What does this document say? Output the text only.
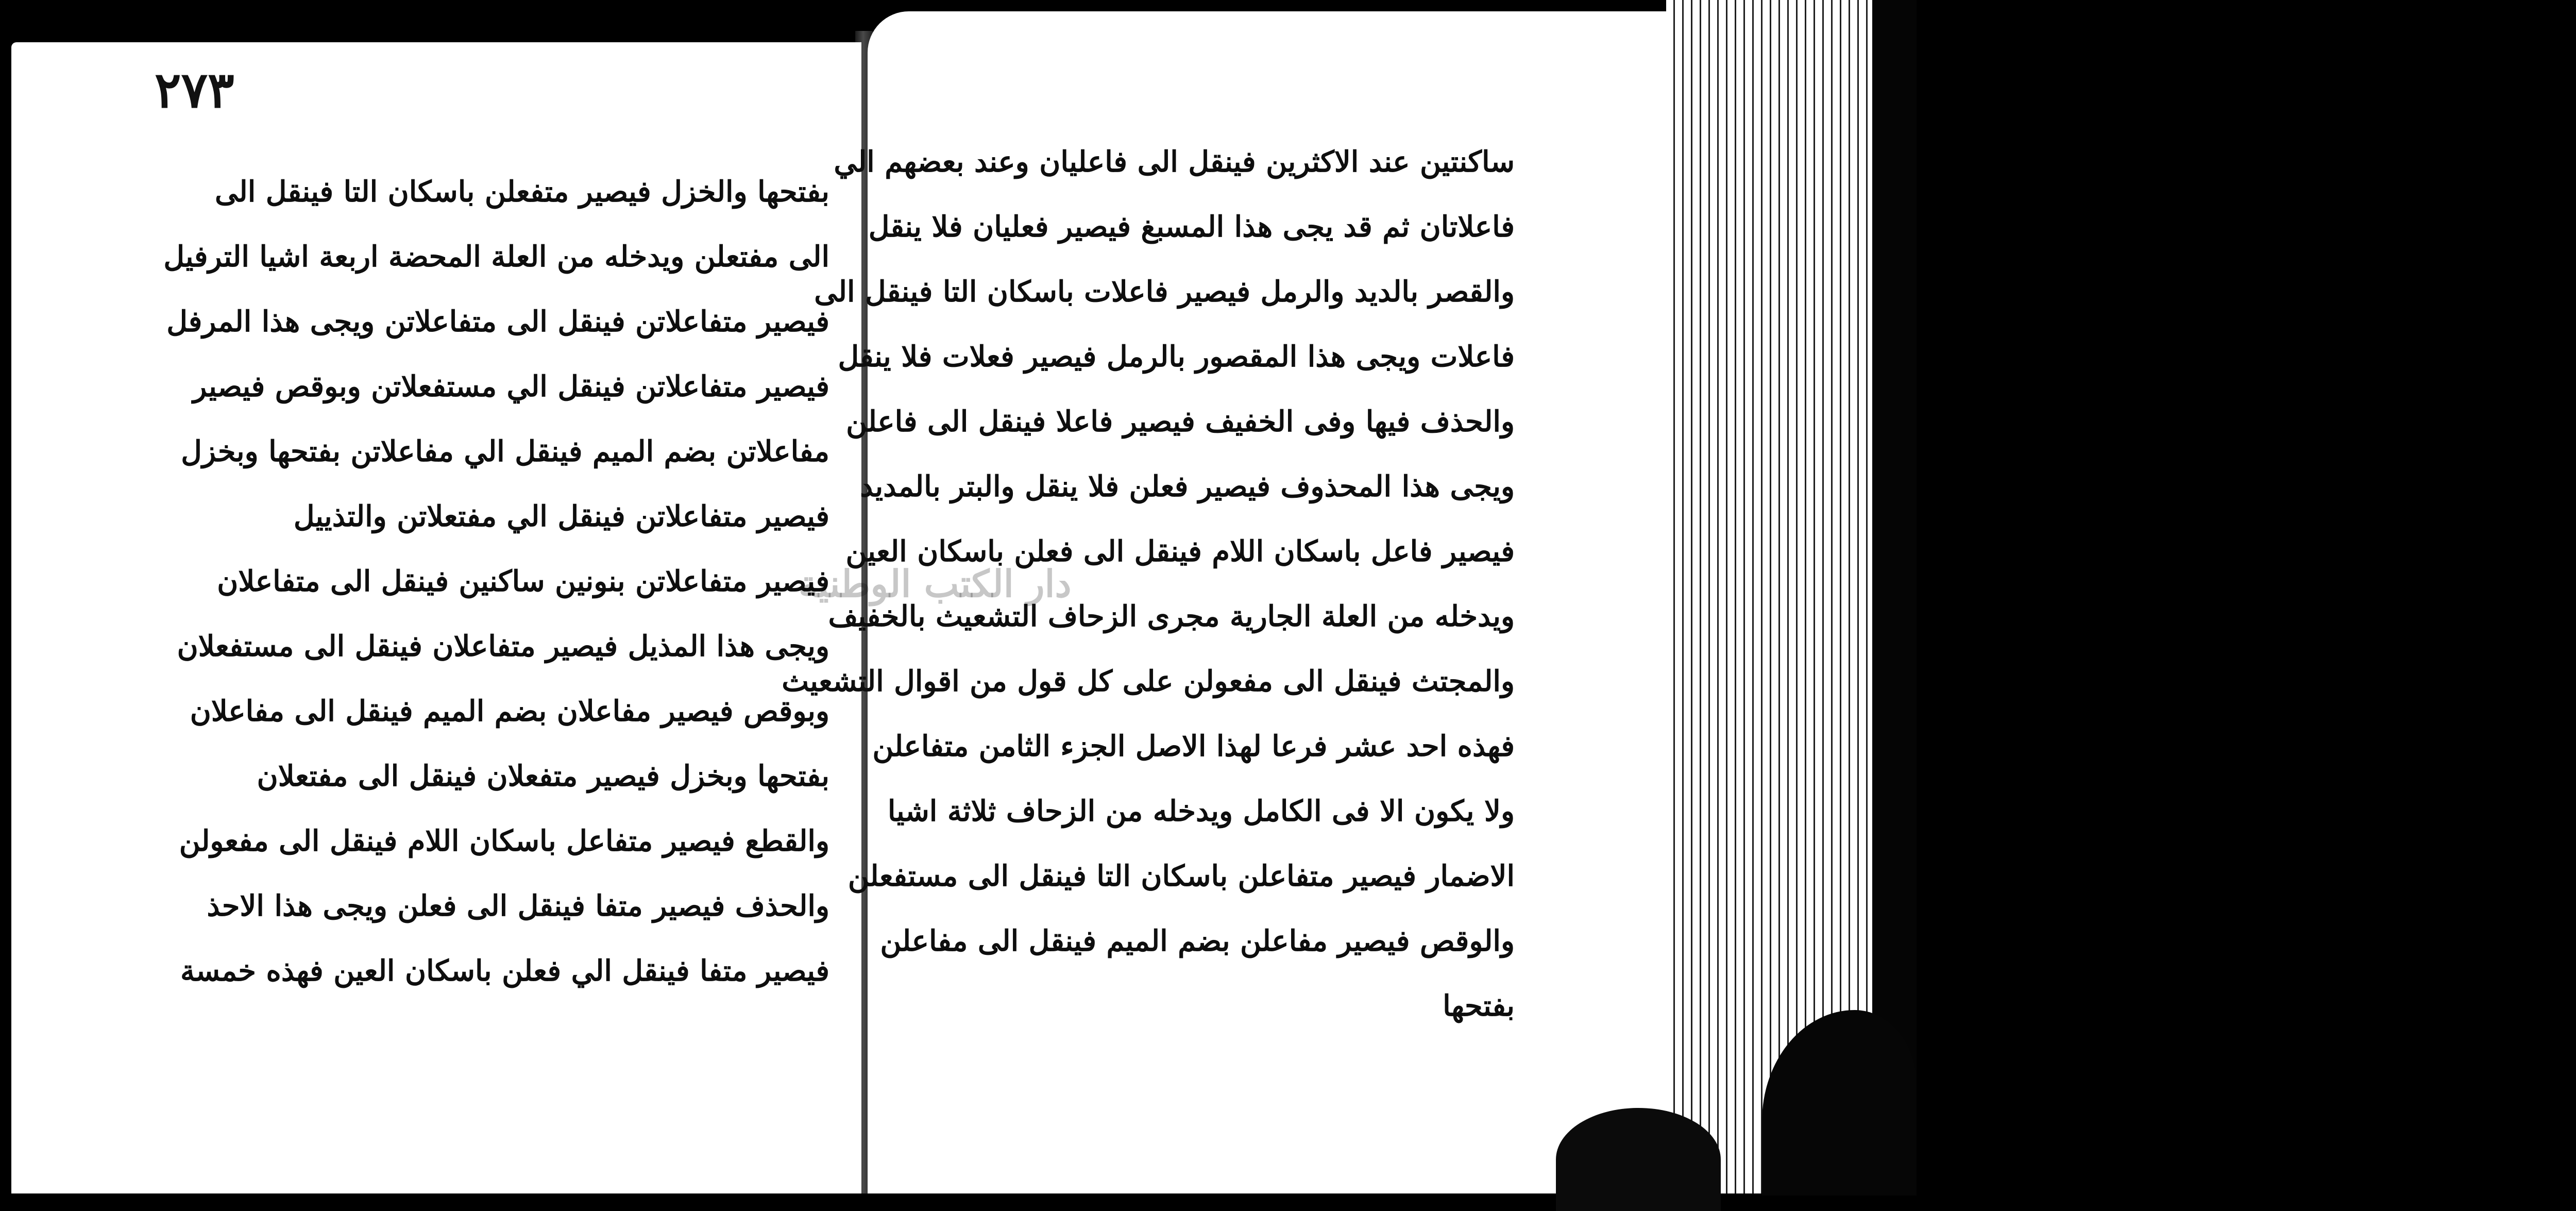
٢٧٣
بفتحها والخزل فيصير متفعلن باسكان التا فينقل الى
الى مفتعلن ويدخله من العلة المحضة اربعة اشيا الترفيل
فيصير متفاعلاتن فينقل الى متفاعلاتن ويجى هذا المرفل
فيصير متفاعلاتن فينقل الي مستفعلاتن وبوقص فيصير
مفاعلاتن بضم الميم فينقل الي مفاعلاتن بفتحها وبخزل
فيصير متفاعلاتن فينقل الي مفتعلاتن والتذييل
فيصير متفاعلاتن بنونين ساكنين فينقل الى متفاعلان
ويجى هذا المذيل فيصير متفاعلان فينقل الى مستفعلان
وبوقص فيصير مفاعلان بضم الميم فينقل الى مفاعلان
بفتحها وبخزل فيصير متفعلان فينقل الى مفتعلان
والقطع فيصير متفاعل باسكان اللام فينقل الى مفعولن
والحذف فيصير متفا فينقل الى فعلن ويجى هذا الاحذ
فيصير متفا فينقل الي فعلن باسكان العين فهذه خمسة
ساكنتين عند الاكثرين فينقل الى فاعليان وعند بعضهم الي
فاعلاتان ثم قد يجى هذا المسبغ فيصير فعليان فلا ينقل
والقصر بالديد والرمل فيصير فاعلات باسكان التا فينقل الى
فاعلات ويجى هذا المقصور بالرمل فيصير فعلات فلا ينقل
والحذف فيها وفى الخفيف فيصير فاعلا فينقل الى فاعلن
ويجى هذا المحذوف فيصير فعلن فلا ينقل والبتر بالمديد
فيصير فاعل باسكان اللام فينقل الى فعلن باسكان العين
ويدخله من العلة الجارية مجرى الزحاف التشعيث بالخفيف
والمجتث فينقل الى مفعولن على كل قول من اقوال التشعيث
فهذه احد عشر فرعا لهذا الاصل الجزء الثامن متفاعلن
ولا يكون الا فى الكامل ويدخله من الزحاف ثلاثة اشيا
الاضمار فيصير متفاعلن باسكان التا فينقل الى مستفعلن
والوقص فيصير مفاعلن بضم الميم فينقل الى مفاعلن
بفتحها
دار الكتب الوطنية
